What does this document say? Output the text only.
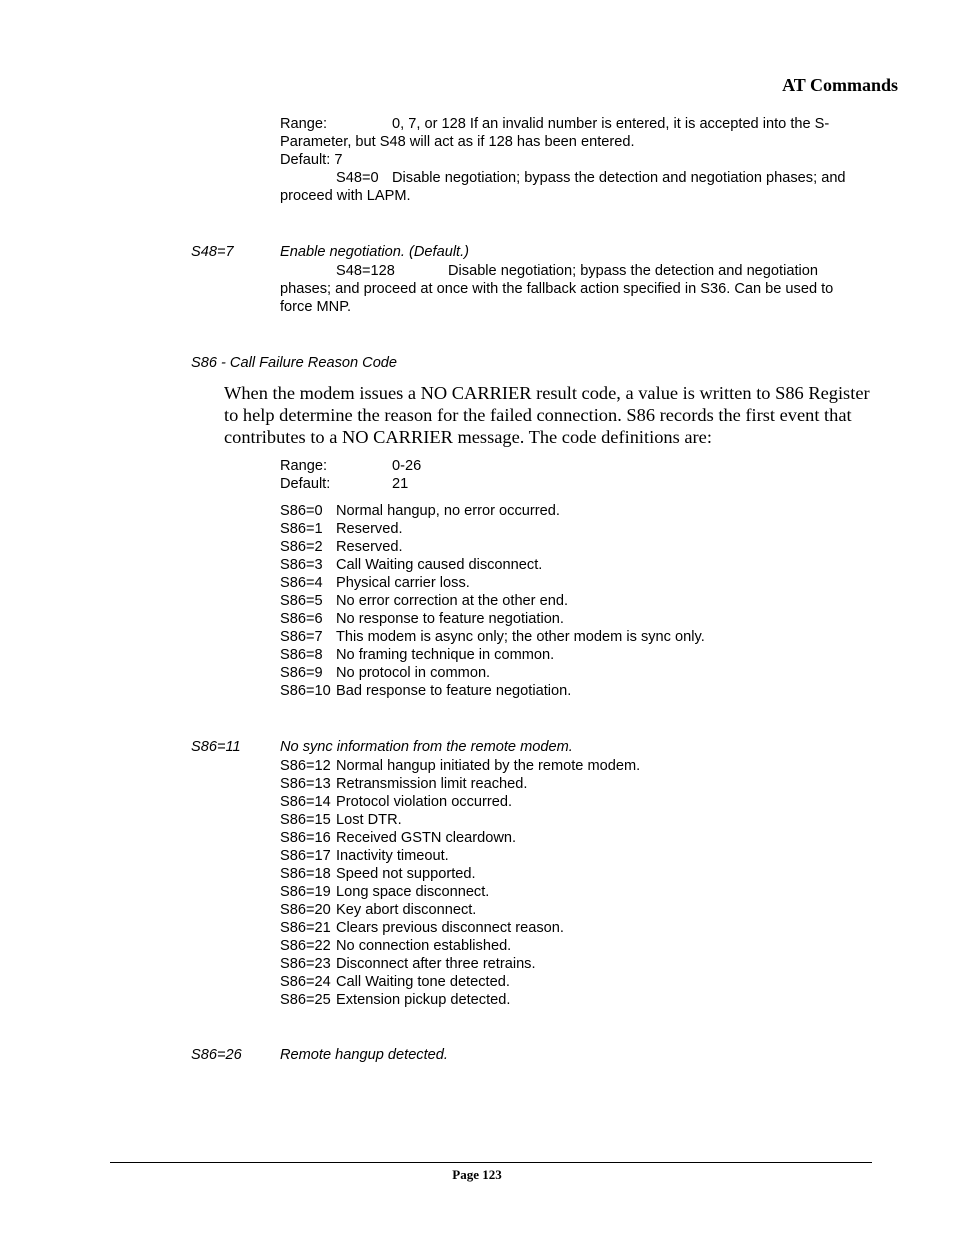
AT Commands
Range:	0, 7, or 128 If an invalid number is entered, it is accepted into the S-
Parameter, but S48 will act as if 128 has been entered.
Default: 7
S48=0 Disable negotiation; bypass the detection and negotiation phases; and
proceed with LAPM.
S48=7	Enable negotiation. (Default.)
S48=128	Disable negotiation; bypass the detection and negotiation
phases; and proceed at once with the fallback action specified in S36. Can be used to
force MNP.
S86 - Call Failure Reason Code
When the modem issues a NO CARRIER result code, a value is written to S86 Register
to help determine the reason for the failed connection. S86 records the first event that
contributes to a NO CARRIER message. The code definitions are:
Range:	0-26
Default:	21
S86=0 Normal hangup, no error occurred.
S86=1 Reserved.
S86=2 Reserved.
S86=3 Call Waiting caused disconnect.
S86=4 Physical carrier loss.
S86=5 No error correction at the other end.
S86=6 No response to feature negotiation.
S86=7 This modem is async only; the other modem is sync only.
S86=8 No framing technique in common.
S86=9 No protocol in common.
S86=10 Bad response to feature negotiation.
S86=11	No sync information from the remote modem.
S86=12 Normal hangup initiated by the remote modem.
S86=13 Retransmission limit reached.
S86=14 Protocol violation occurred.
S86=15 Lost DTR.
S86=16 Received GSTN cleardown.
S86=17 Inactivity timeout.
S86=18 Speed not supported.
S86=19 Long space disconnect.
S86=20 Key abort disconnect.
S86=21 Clears previous disconnect reason.
S86=22 No connection established.
S86=23 Disconnect after three retrains.
S86=24 Call Waiting tone detected.
S86=25 Extension pickup detected.
S86=26	Remote hangup detected.
Page 123
